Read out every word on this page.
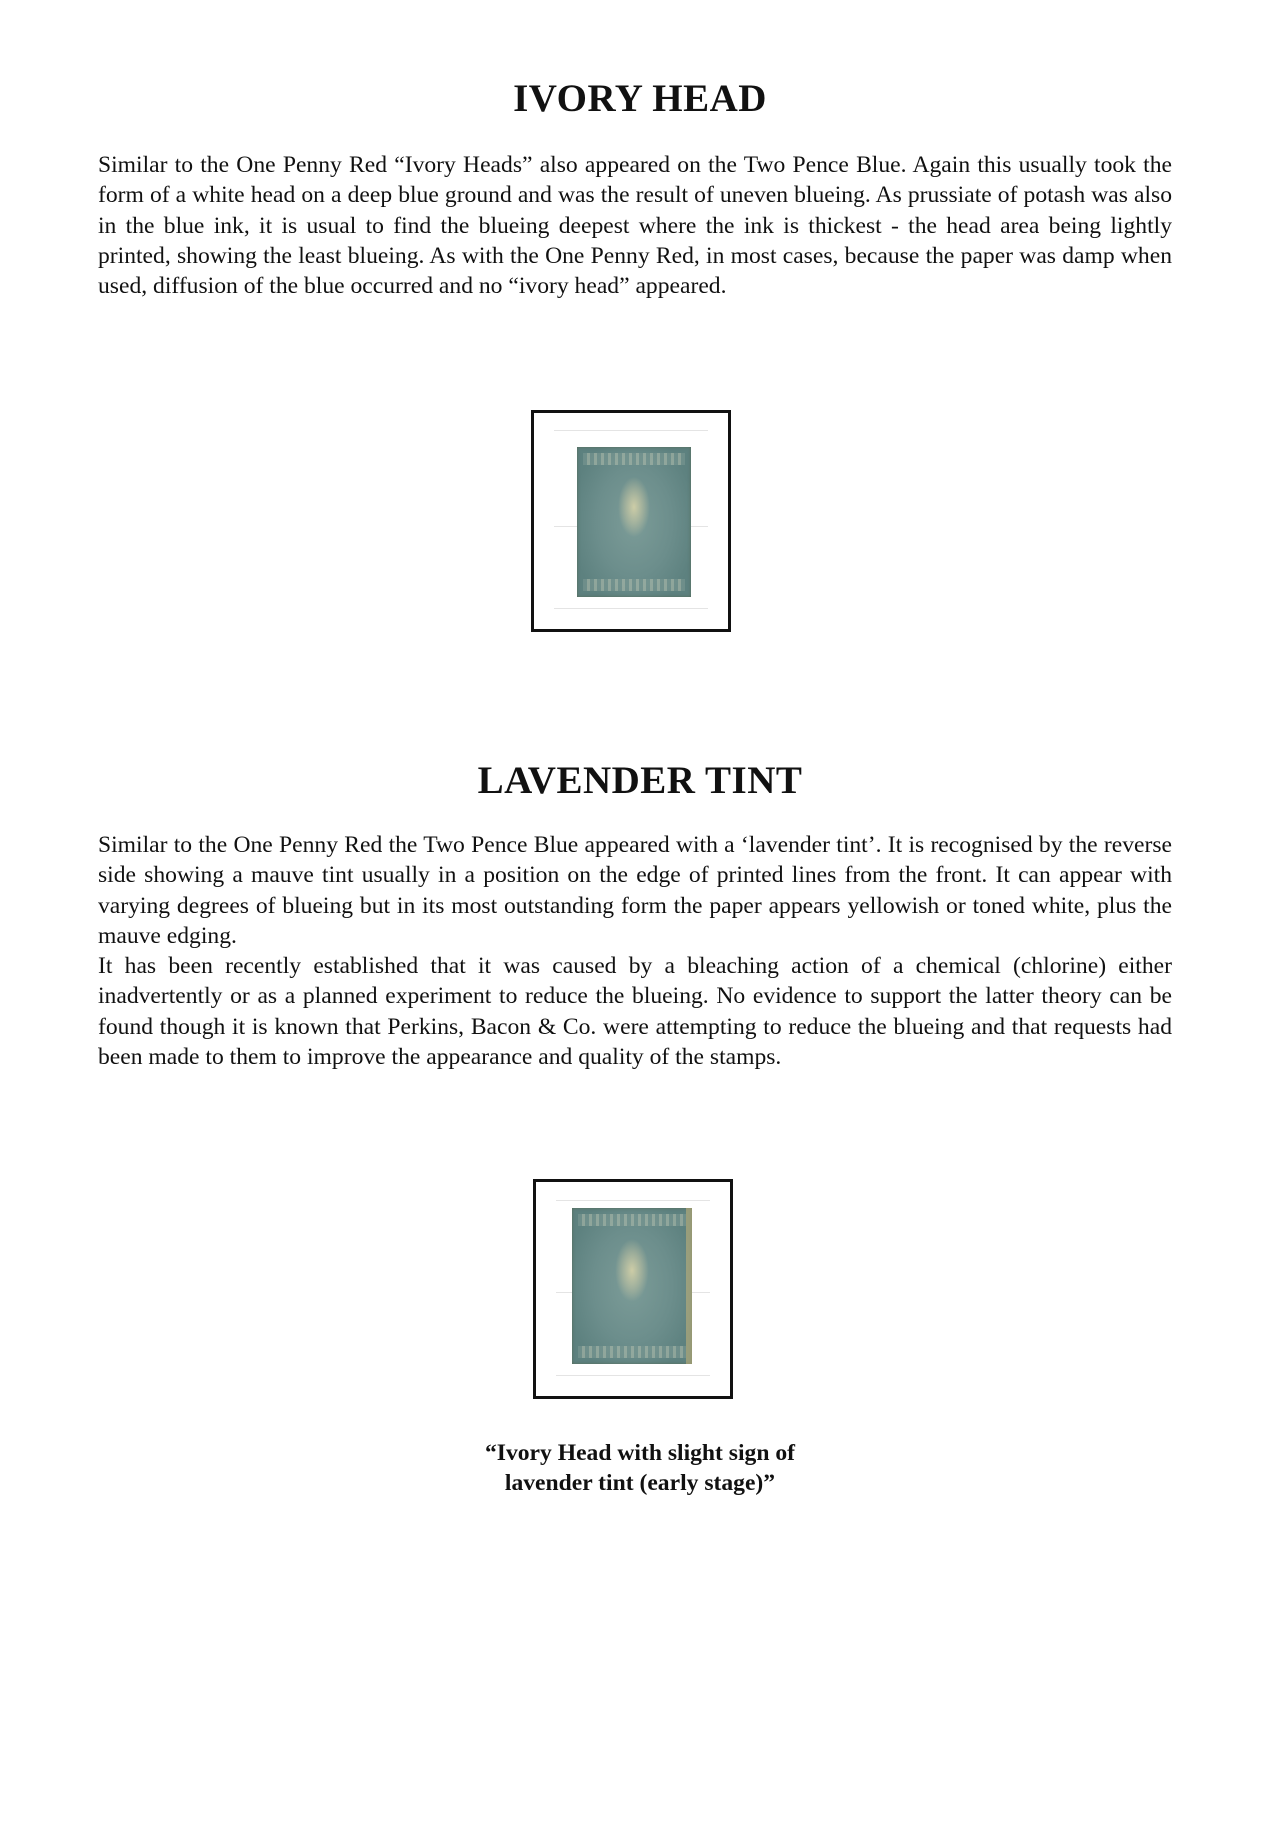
IVORY HEAD

Similar to the One Penny Red “Ivory Heads” also appeared on the Two Pence Blue. Again this usually took the form of a white head on a deep blue ground and was the result of uneven blueing. As prussiate of potash was also in the blue ink, it is usual to find the blueing deepest where the ink is thickest - the head area being lightly printed, showing the least blueing. As with the One Penny Red, in most cases, because the paper was damp when used, diffusion of the blue occurred and no “ivory head” appeared.

LAVENDER TINT

Similar to the One Penny Red the Two Pence Blue appeared with a ‘lavender tint’. It is recognised by the reverse side showing a mauve tint usually in a position on the edge of printed lines from the front. It can appear with varying degrees of blueing but in its most outstanding form the paper appears yellowish or toned white, plus the mauve edging.

It has been recently established that it was caused by a bleaching action of a chemical (chlorine) either inadvertently or as a planned experiment to reduce the blueing. No evidence to support the latter theory can be found though it is known that Perkins, Bacon & Co. were attempting to reduce the blueing and that requests had been made to them to improve the appearance and quality of the stamps.

“Ivory Head with slight sign of
lavender tint (early stage)”
